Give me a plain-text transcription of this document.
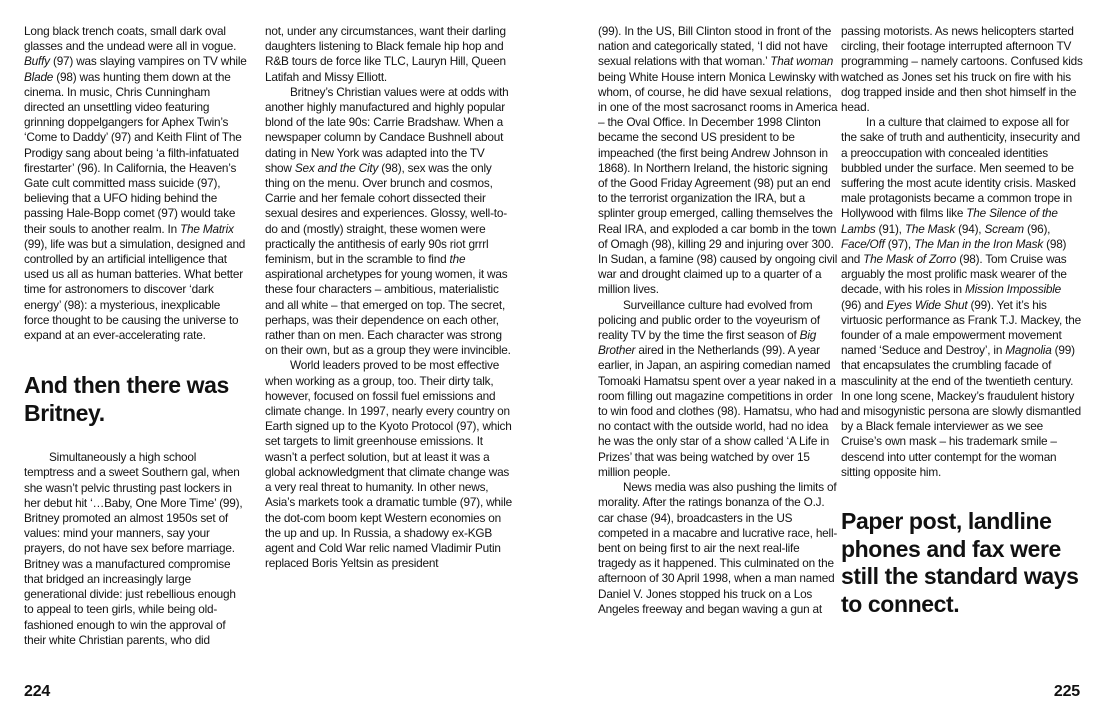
Long black trench coats, small dark oval glasses and the undead were all in vogue. Buffy (97) was slaying vampires on TV while Blade (98) was hunting them down at the cinema. In music, Chris Cunningham directed an unsettling video featuring grinning doppelgangers for Aphex Twin’s ‘Come to Daddy’ (97) and Keith Flint of The Prodigy sang about being ‘a filth-infatuated firestarter’ (96). In California, the Heaven’s Gate cult committed mass suicide (97), believing that a UFO hiding behind the passing Hale-Bopp comet (97) would take their souls to another realm. In The Matrix (99), life was but a simulation, designed and controlled by an artificial intelligence that used us all as human batteries. What better time for astronomers to discover ‘dark energy’ (98): a mysterious, inexplicable force thought to be causing the universe to expand at an ever-accelerating rate.

And then there was Britney.

Simultaneously a high school temptress and a sweet Southern gal, when she wasn’t pelvic thrusting past lockers in her debut hit ‘…Baby, One More Time’ (99), Britney promoted an almost 1950s set of values: mind your manners, say your prayers, do not have sex before marriage. Britney was a manufactured compromise that bridged an increasingly large generational divide: just rebellious enough to appeal to teen girls, while being old-fashioned enough to win the approval of their white Christian parents, who did

not, under any circumstances, want their darling daughters listening to Black female hip hop and R&B tours de force like TLC, Lauryn Hill, Queen Latifah and Missy Elliott.

Britney’s Christian values were at odds with another highly manufactured and highly popular blond of the late 90s: Carrie Bradshaw. When a newspaper column by Candace Bushnell about dating in New York was adapted into the TV show Sex and the City (98), sex was the only thing on the menu. Over brunch and cosmos, Carrie and her female cohort dissected their sexual desires and experiences. Glossy, well-to-do and (mostly) straight, these women were practically the antithesis of early 90s riot grrrl feminism, but in the scramble to find the aspirational archetypes for young women, it was these four characters – ambitious, materialistic and all white – that emerged on top. The secret, perhaps, was their dependence on each other, rather than on men. Each character was strong on their own, but as a group they were invincible.

World leaders proved to be most effective when working as a group, too. Their dirty talk, however, focused on fossil fuel emissions and climate change. In 1997, nearly every country on Earth signed up to the Kyoto Protocol (97), which set targets to limit greenhouse emissions. It wasn’t a perfect solution, but at least it was a global acknowledgment that climate change was a very real threat to humanity. In other news, Asia’s markets took a dramatic tumble (97), while the dot-com boom kept Western economies on the up and up. In Russia, a shadowy ex-KGB agent and Cold War relic named Vladimir Putin replaced Boris Yeltsin as president

(99). In the US, Bill Clinton stood in front of the nation and categorically stated, ‘I did not have sexual relations with that woman.’ That woman being White House intern Monica Lewinsky with whom, of course, he did have sexual relations, in one of the most sacrosanct rooms in America – the Oval Office. In December 1998 Clinton became the second US president to be impeached (the first being Andrew Johnson in 1868). In Northern Ireland, the historic signing of the Good Friday Agreement (98) put an end to the terrorist organization the IRA, but a splinter group emerged, calling themselves the Real IRA, and exploded a car bomb in the town of Omagh (98), killing 29 and injuring over 300. In Sudan, a famine (98) caused by ongoing civil war and drought claimed up to a quarter of a million lives.

Surveillance culture had evolved from policing and public order to the voyeurism of reality TV by the time the first season of Big Brother aired in the Netherlands (99). A year earlier, in Japan, an aspiring comedian named Tomoaki Hamatsu spent over a year naked in a room filling out magazine competitions in order to win food and clothes (98). Hamatsu, who had no contact with the outside world, had no idea he was the only star of a show called ‘A Life in Prizes’ that was being watched by over 15 million people.

News media was also pushing the limits of morality. After the ratings bonanza of the O.J. car chase (94), broadcasters in the US competed in a macabre and lucrative race, hell-bent on being first to air the next real-life tragedy as it happened. This culminated on the afternoon of 30 April 1998, when a man named Daniel V. Jones stopped his truck on a Los Angeles freeway and began waving a gun at

passing motorists. As news helicopters started circling, their footage interrupted afternoon TV programming – namely cartoons. Confused kids watched as Jones set his truck on fire with his dog trapped inside and then shot himself in the head.

In a culture that claimed to expose all for the sake of truth and authenticity, insecurity and a preoccupation with concealed identities bubbled under the surface. Men seemed to be suffering the most acute identity crisis. Masked male protagonists became a common trope in Hollywood with films like The Silence of the Lambs (91), The Mask (94), Scream (96), Face/Off (97), The Man in the Iron Mask (98) and The Mask of Zorro (98). Tom Cruise was arguably the most prolific mask wearer of the decade, with his roles in Mission Impossible (96) and Eyes Wide Shut (99). Yet it’s his virtuosic performance as Frank T.J. Mackey, the founder of a male empowerment movement named ‘Seduce and Destroy’, in Magnolia (99) that encapsulates the crumbling facade of masculinity at the end of the twentieth century. In one long scene, Mackey’s fraudulent history and misogynistic persona are slowly dismantled by a Black female interviewer as we see Cruise’s own mask – his trademark smile – descend into utter contempt for the woman sitting opposite him.

Paper post, landline phones and fax were still the standard ways to connect.
224	225
